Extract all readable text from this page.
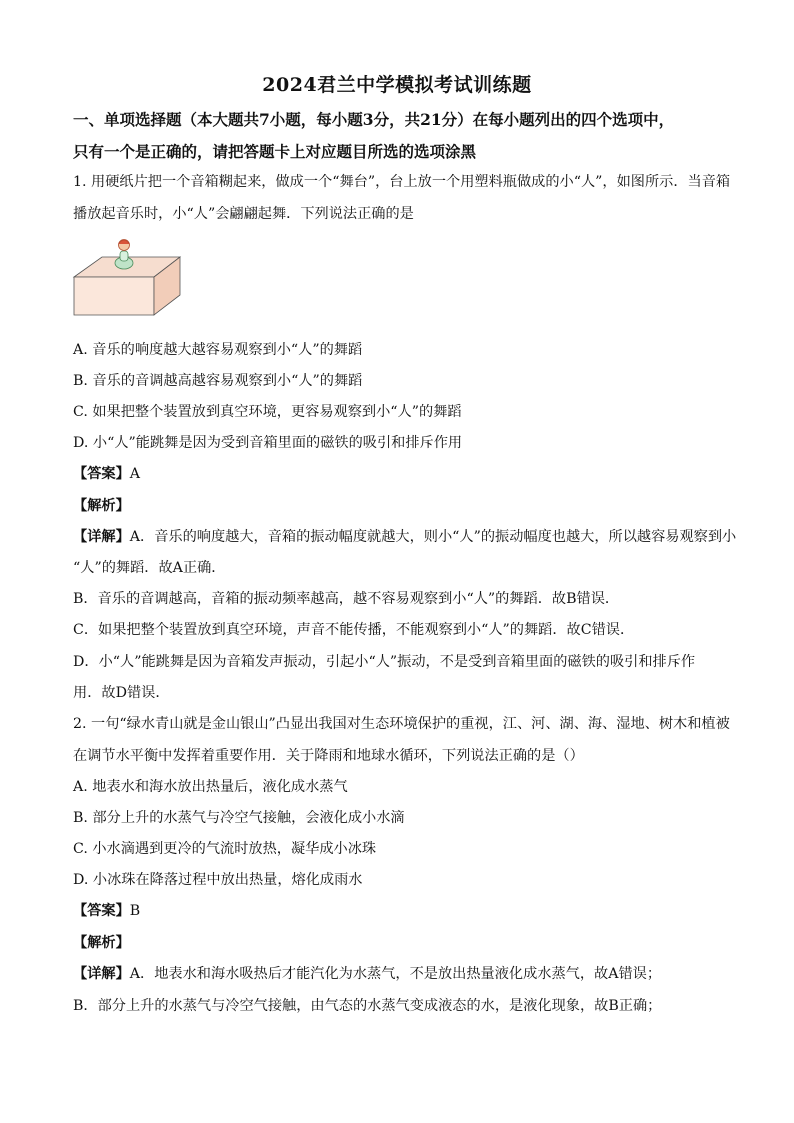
2024君兰中学模拟考试训练题
一、单项选择题（本大题共7小题，每小题3分，共21分）在每小题列出的四个选项中，
只有一个是正确的，请把答题卡上对应题目所选的选项涂黑
1. 用硬纸片把一个音箱糊起来，做成一个“舞台”，台上放一个用塑料瓶做成的小“人”，如图所示．当音箱
播放起音乐时，小“人”会翩翩起舞．下列说法正确的是
A. 音乐的响度越大越容易观察到小“人”的舞蹈
B. 音乐的音调越高越容易观察到小“人”的舞蹈
C. 如果把整个装置放到真空环境，更容易观察到小“人”的舞蹈
D. 小“人”能跳舞是因为受到音箱里面的磁铁的吸引和排斥作用
【答案】A
【解析】
【详解】A．音乐的响度越大，音箱的振动幅度就越大，则小“人”的振动幅度也越大，所以越容易观察到小
“人”的舞蹈．故A正确．
B．音乐的音调越高，音箱的振动频率越高，越不容易观察到小“人”的舞蹈．故B错误．
C．如果把整个装置放到真空环境，声音不能传播，不能观察到小“人”的舞蹈．故C错误．
D．小“人”能跳舞是因为音箱发声振动，引起小“人”振动，不是受到音箱里面的磁铁的吸引和排斥作
用．故D错误．
2. 一句“绿水青山就是金山银山”凸显出我国对生态环境保护的重视，江、河、湖、海、湿地、树木和植被
在调节水平衡中发挥着重要作用．关于降雨和地球水循环，下列说法正确的是（）
A. 地表水和海水放出热量后，液化成水蒸气
B. 部分上升的水蒸气与冷空气接触，会液化成小水滴
C. 小水滴遇到更冷的气流时放热，凝华成小冰珠
D. 小冰珠在降落过程中放出热量，熔化成雨水
【答案】B
【解析】
【详解】A．地表水和海水吸热后才能汽化为水蒸气，不是放出热量液化成水蒸气，故A错误；
B．部分上升的水蒸气与冷空气接触，由气态的水蒸气变成液态的水，是液化现象，故B正确；
